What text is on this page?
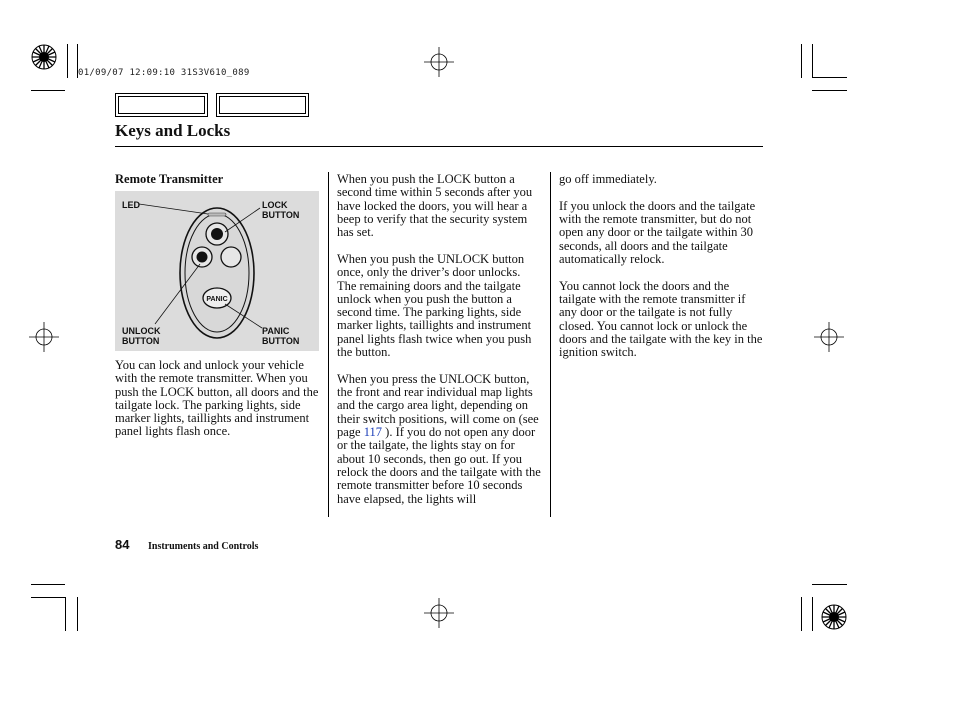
01/09/07 12:09:10 31S3V610_089
Keys and Locks
Remote Transmitter
PANIC
LED	LOCK
BUTTON
UNLOCK
BUTTON
PANIC
BUTTON

You can lock and unlock your vehicle with the remote transmitter. When you push the LOCK button, all doors and the tailgate lock. The parking lights, side marker lights, taillights and instrument panel lights flash once.

When you push the LOCK button a second time within 5 seconds after you have locked the doors, you will hear a beep to verify that the security system has set.

When you push the UNLOCK button once, only the driver’s door unlocks. The remaining doors and the tailgate unlock when you push the button a second time. The parking lights, side marker lights, taillights and instrument panel lights flash twice when you push the button.

When you press the UNLOCK button, the front and rear individual map lights and the cargo area light, depending on their switch positions, will come on (see page 117 ). If you do not open any door or the tailgate, the lights stay on for about 10 seconds, then go out. If you relock the doors and the tailgate with the remote transmitter before 10 seconds have elapsed, the lights will

go off immediately.

If you unlock the doors and the tailgate with the remote transmitter, but do not open any door or the tailgate within 30 seconds, all doors and the tailgate automatically relock.

You cannot lock the doors and the tailgate with the remote transmitter if any door or the tailgate is not fully closed. You cannot lock or unlock the doors and the tailgate with the key in the ignition switch.

84 Instruments and Controls
